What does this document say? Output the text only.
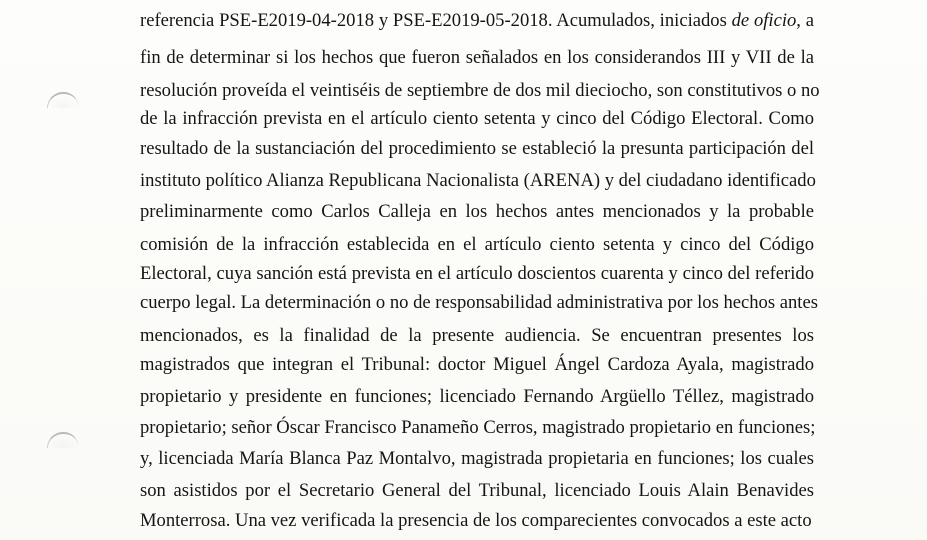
referencia PSE-E2019-04-2018 y PSE-E2019-05-2018. Acumulados, iniciados de oficio, a
fin de determinar si los hechos que fueron señalados en los considerandos III y VII de la
resolución proveída el veintiséis de septiembre de dos mil dieciocho, son constitutivos o no
de la infracción prevista en el artículo ciento setenta y cinco del Código Electoral. Como
resultado de la sustanciación del procedimiento se estableció la presunta participación del
instituto político Alianza Republicana Nacionalista (ARENA) y del ciudadano identificado
preliminarmente como Carlos Calleja en los hechos antes mencionados y la probable
comisión de la infracción establecida en el artículo ciento setenta y cinco del Código
Electoral, cuya sanción está prevista en el artículo doscientos cuarenta y cinco del referido
cuerpo legal. La determinación o no de responsabilidad administrativa por los hechos antes
mencionados, es la finalidad de la presente audiencia. Se encuentran presentes los
magistrados que integran el Tribunal: doctor Miguel Ángel Cardoza Ayala, magistrado
propietario y presidente en funciones; licenciado Fernando Argüello Téllez, magistrado
propietario; señor Óscar Francisco Panameño Cerros, magistrado propietario en funciones;
y, licenciada María Blanca Paz Montalvo, magistrada propietaria en funciones; los cuales
son asistidos por el Secretario General del Tribunal, licenciado Louis Alain Benavides
Monterrosa. Una vez verificada la presencia de los comparecientes convocados a este acto
